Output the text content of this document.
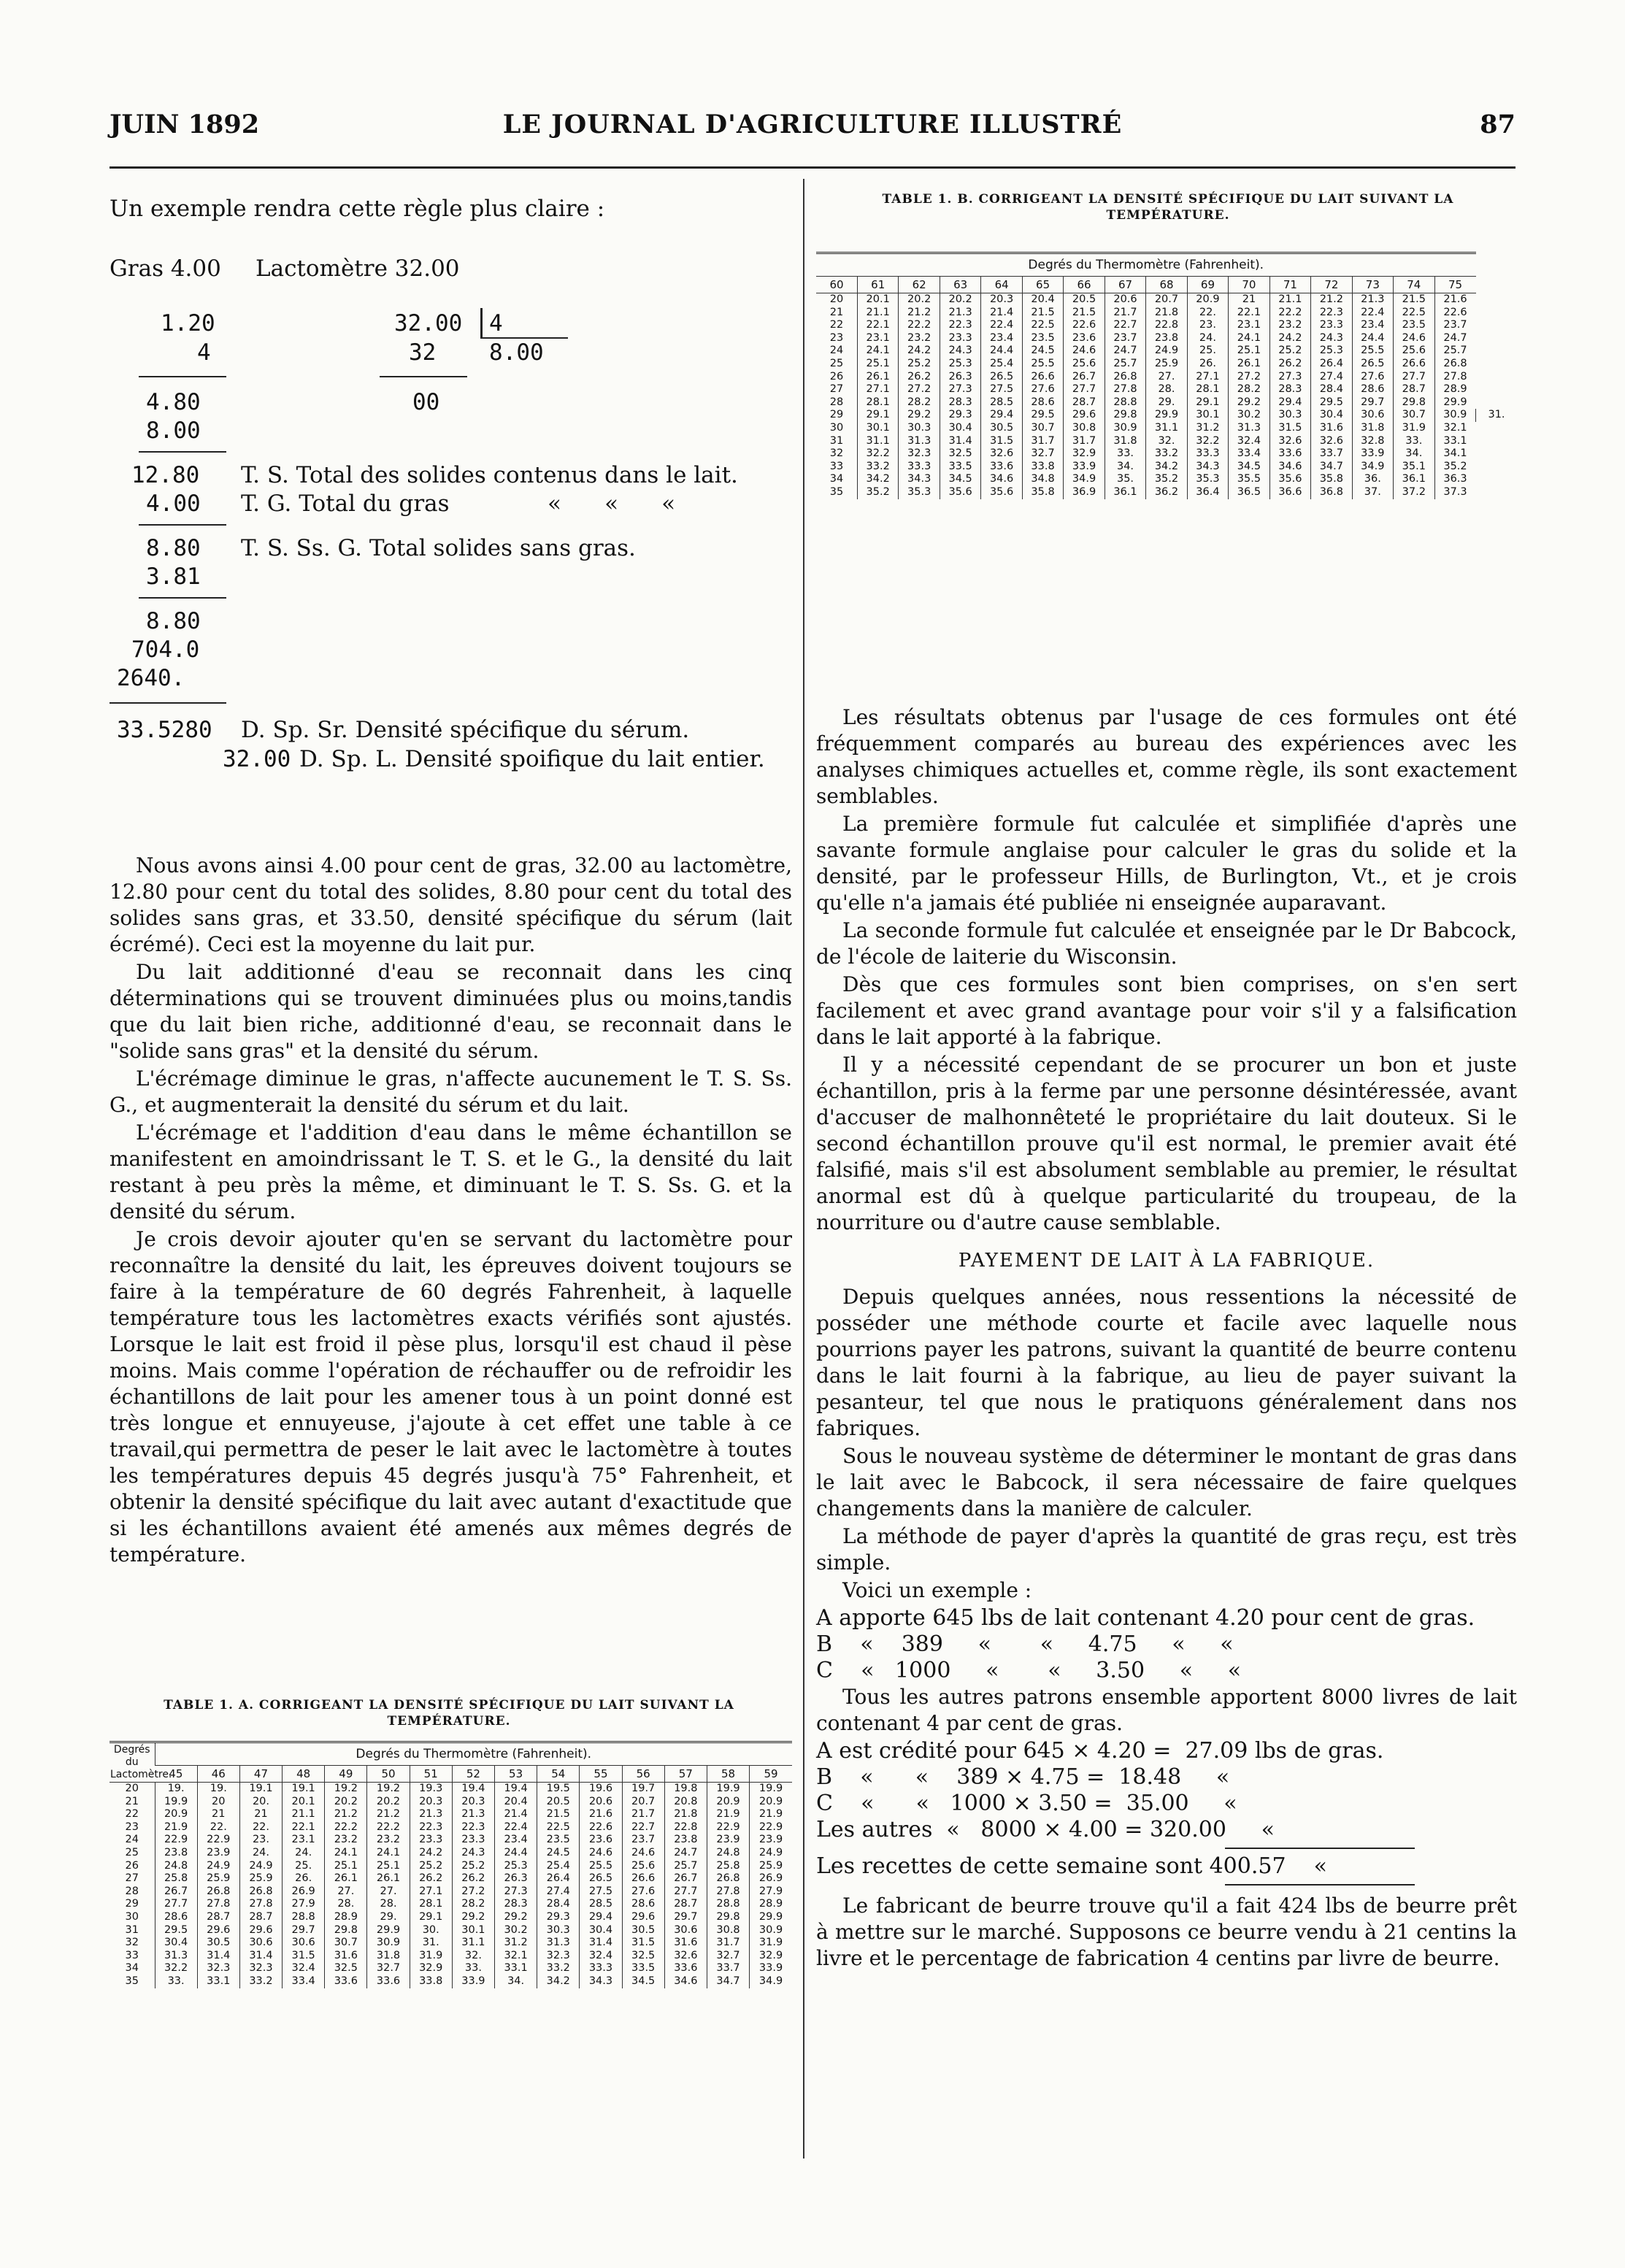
JUIN 1892	LE JOURNAL D'AGRICULTURE ILLUSTRÉ	87
Un exemple rendra cette règle plus claire :
Gras 4.00 Lactomètre 32.00
1.20	32.00 4
4	32 8.00
4.80	00
8.00
12.80 T. S. Total des solides contenus dans le lait.
4.00 T. G. Total du gras	«      «      «
8.80 T. S. Ss. G. Total solides sans gras.
3.81
8.80
704.0
2640.
33.5280 D. Sp. Sr. Densité spécifique du sérum.
32.00 D. Sp. L. Densité spoifique du lait entier.

Nous avons ainsi 4.00 pour cent de gras, 32.00 au lactomètre, 12.80 pour cent du total des solides, 8.80 pour cent du total des solides sans gras, et 33.50, densité spécifique du sérum (lait écrémé). Ceci est la moyenne du lait pur.

Du lait additionné d'eau se reconnait dans les cinq déterminations qui se trouvent diminuées plus ou moins,tandis que du lait bien riche, additionné d'eau, se reconnait dans le "solide sans gras" et la densité du sérum.

L'écrémage diminue le gras, n'affecte aucunement le T. S. Ss. G., et augmenterait la densité du sérum et du lait.

L'écrémage et l'addition d'eau dans le même échantillon se manifestent en amoindrissant le T. S. et le G., la densité du lait restant à peu près la même, et diminuant le T. S. Ss. G. et la densité du sérum.

Je crois devoir ajouter qu'en se servant du lactomètre pour reconnaître la densité du lait, les épreuves doivent toujours se faire à la température de 60 degrés Fahrenheit, à laquelle température tous les lactomètres exacts vérifiés sont ajustés. Lorsque le lait est froid il pèse plus, lorsqu'il est chaud il pèse moins. Mais comme l'opération de réchauffer ou de refroidir les échantillons de lait pour les amener tous à un point donné est très longue et ennuyeuse, j'ajoute à cet effet une table à ce travail,qui permettra de peser le lait avec le lactomètre à toutes les températures depuis 45 degrés jusqu'à 75° Fahrenheit, et obtenir la densité spécifique du lait avec autant d'exactitude que si les échantillons avaient été amenés aux mêmes degrés de température.

TABLE 1. A. CORRIGEANT LA DENSITÉ SPÉCIFIQUE DU LAIT SUIVANT LA TEMPÉRATURE.
Degrés du Lactomètre.	Degrés du Thermomètre (Fahrenheit).														
	45	46	47	48	49	50	51	52	53	54	55	56	57	58	59
20	19.	19.	19.1	19.1	19.2	19.2	19.3	19.4	19.4	19.5	19.6	19.7	19.8	19.9	19.9
21	19.9	20	20.	20.1	20.2	20.2	20.3	20.3	20.4	20.5	20.6	20.7	20.8	20.9	20.9
22	20.9	21	21	21.1	21.2	21.2	21.3	21.3	21.4	21.5	21.6	21.7	21.8	21.9	21.9
23	21.9	22.	22.	22.1	22.2	22.2	22.3	22.3	22.4	22.5	22.6	22.7	22.8	22.9	22.9
24	22.9	22.9	23.	23.1	23.2	23.2	23.3	23.3	23.4	23.5	23.6	23.7	23.8	23.9	23.9
25	23.8	23.9	24.	24.	24.1	24.1	24.2	24.3	24.4	24.5	24.6	24.6	24.7	24.8	24.9
26	24.8	24.9	24.9	25.	25.1	25.1	25.2	25.2	25.3	25.4	25.5	25.6	25.7	25.8	25.9
27	25.8	25.9	25.9	26.	26.1	26.1	26.2	26.2	26.3	26.4	26.5	26.6	26.7	26.8	26.9
28	26.7	26.8	26.8	26.9	27.	27.	27.1	27.2	27.3	27.4	27.5	27.6	27.7	27.8	27.9
29	27.7	27.8	27.8	27.9	28.	28.	28.1	28.2	28.3	28.4	28.5	28.6	28.7	28.8	28.9
30	28.6	28.7	28.7	28.8	28.9	29.	29.1	29.2	29.2	29.3	29.4	29.6	29.7	29.8	29.9
31	29.5	29.6	29.6	29.7	29.8	29.9	30.	30.1	30.2	30.3	30.4	30.5	30.6	30.8	30.9
32	30.4	30.5	30.6	30.6	30.7	30.9	31.	31.1	31.2	31.3	31.4	31.5	31.6	31.7	31.9
33	31.3	31.4	31.4	31.5	31.6	31.8	31.9	32.	32.1	32.3	32.4	32.5	32.6	32.7	32.9
34	32.2	32.3	32.3	32.4	32.5	32.7	32.9	33.	33.1	33.2	33.3	33.5	33.6	33.7	33.9
35	33.	33.1	33.2	33.4	33.6	33.6	33.8	33.9	34.	34.2	34.3	34.5	34.6	34.7	34.9
TABLE 1. B. CORRIGEANT LA DENSITÉ SPÉCIFIQUE DU LAIT SUIVANT LA TEMPÉRATURE.
Degrés du Thermomètre (Fahrenheit).																
60	61	62	63	64	65	66	67	68	69	70	71	72	73	74	75	
20	20.1	20.2	20.2	20.3	20.4	20.5	20.6	20.7	20.9	21	21.1	21.2	21.3	21.5	21.6	
21	21.1	21.2	21.3	21.4	21.5	21.5	21.7	21.8	22.	22.1	22.2	22.3	22.4	22.5	22.6	
22	22.1	22.2	22.3	22.4	22.5	22.6	22.7	22.8	23.	23.1	23.2	23.3	23.4	23.5	23.7	
23	23.1	23.2	23.3	23.4	23.5	23.6	23.7	23.8	24.	24.1	24.2	24.3	24.4	24.6	24.7	
24	24.1	24.2	24.3	24.4	24.5	24.6	24.7	24.9	25.	25.1	25.2	25.3	25.5	25.6	25.7	
25	25.1	25.2	25.3	25.4	25.5	25.6	25.7	25.9	26.	26.1	26.2	26.4	26.5	26.6	26.8	
26	26.1	26.2	26.3	26.5	26.6	26.7	26.8	27.	27.1	27.2	27.3	27.4	27.6	27.7	27.8	
27	27.1	27.2	27.3	27.5	27.6	27.7	27.8	28.	28.1	28.2	28.3	28.4	28.6	28.7	28.9	
28	28.1	28.2	28.3	28.5	28.6	28.7	28.8	29.	29.1	29.2	29.4	29.5	29.7	29.8	29.9	
29	29.1	29.2	29.3	29.4	29.5	29.6	29.8	29.9	30.1	30.2	30.3	30.4	30.6	30.7	30.9	31.
30	30.1	30.3	30.4	30.5	30.7	30.8	30.9	31.1	31.2	31.3	31.5	31.6	31.8	31.9	32.1	
31	31.1	31.3	31.4	31.5	31.7	31.7	31.8	32.	32.2	32.4	32.6	32.6	32.8	33.	33.1	
32	32.2	32.3	32.5	32.6	32.7	32.9	33.	33.2	33.3	33.4	33.6	33.7	33.9	34.	34.1	
33	33.2	33.3	33.5	33.6	33.8	33.9	34.	34.2	34.3	34.5	34.6	34.7	34.9	35.1	35.2	
34	34.2	34.3	34.5	34.6	34.8	34.9	35.	35.2	35.3	35.5	35.6	35.8	36.	36.1	36.3	
35	35.2	35.3	35.6	35.6	35.8	36.9	36.1	36.2	36.4	36.5	36.6	36.8	37.	37.2	37.3	

Les résultats obtenus par l'usage de ces formules ont été fréquemment comparés au bureau des expériences avec les analyses chimiques actuelles et, comme règle, ils sont exactement semblables.

La première formule fut calculée et simplifiée d'après une savante formule anglaise pour calculer le gras du solide et la densité, par le professeur Hills, de Burlington, Vt., et je crois qu'elle n'a jamais été publiée ni enseignée auparavant.

La seconde formule fut calculée et enseignée par le Dr Babcock, de l'école de laiterie du Wisconsin.

Dès que ces formules sont bien comprises, on s'en sert facilement et avec grand avantage pour voir s'il y a falsification dans le lait apporté à la fabrique.

Il y a nécessité cependant de se procurer un bon et juste échantillon, pris à la ferme par une personne désintéressée, avant d'accuser de malhonnêteté le propriétaire du lait douteux. Si le second échantillon prouve qu'il est normal, le premier avait été falsifié, mais s'il est absolument semblable au premier, le résultat anormal est dû à quelque particularité du troupeau, de la nourriture ou d'autre cause semblable.

PAYEMENT DE LAIT À LA FABRIQUE.

Depuis quelques années, nous ressentions la nécessité de posséder une méthode courte et facile avec laquelle nous pourrions payer les patrons, suivant la quantité de beurre contenu dans le lait fourni à la fabrique, au lieu de payer suivant la pesanteur, tel que nous le pratiquons généralement dans nos fabriques.

Sous le nouveau système de déterminer le montant de gras dans le lait avec le Babcock, il sera nécessaire de faire quelques changements dans la manière de calculer.

La méthode de payer d'après la quantité de gras reçu, est très simple.

Voici un exemple :

A apporte 645 lbs de lait contenant 4.20 pour cent de gras.
B    «    389     «       «     4.75     «     «
C    «   1000     «       «     3.50     «     «

Tous les autres patrons ensemble apportent 8000 livres de lait contenant 4 par cent de gras.

A est crédité pour 645 × 4.20 =  27.09 lbs de gras.
B    «      «    389 × 4.75 =  18.48     «
C    «      «   1000 × 3.50 =  35.00     «
Les autres  «   8000 × 4.00 = 320.00     «
Les recettes de cette semaine sont 400.57    «

Le fabricant de beurre trouve qu'il a fait 424 lbs de beurre prêt à mettre sur le marché. Supposons ce beurre vendu à 21 centins la livre et le percentage de fabrication 4 centins par livre de beurre.
